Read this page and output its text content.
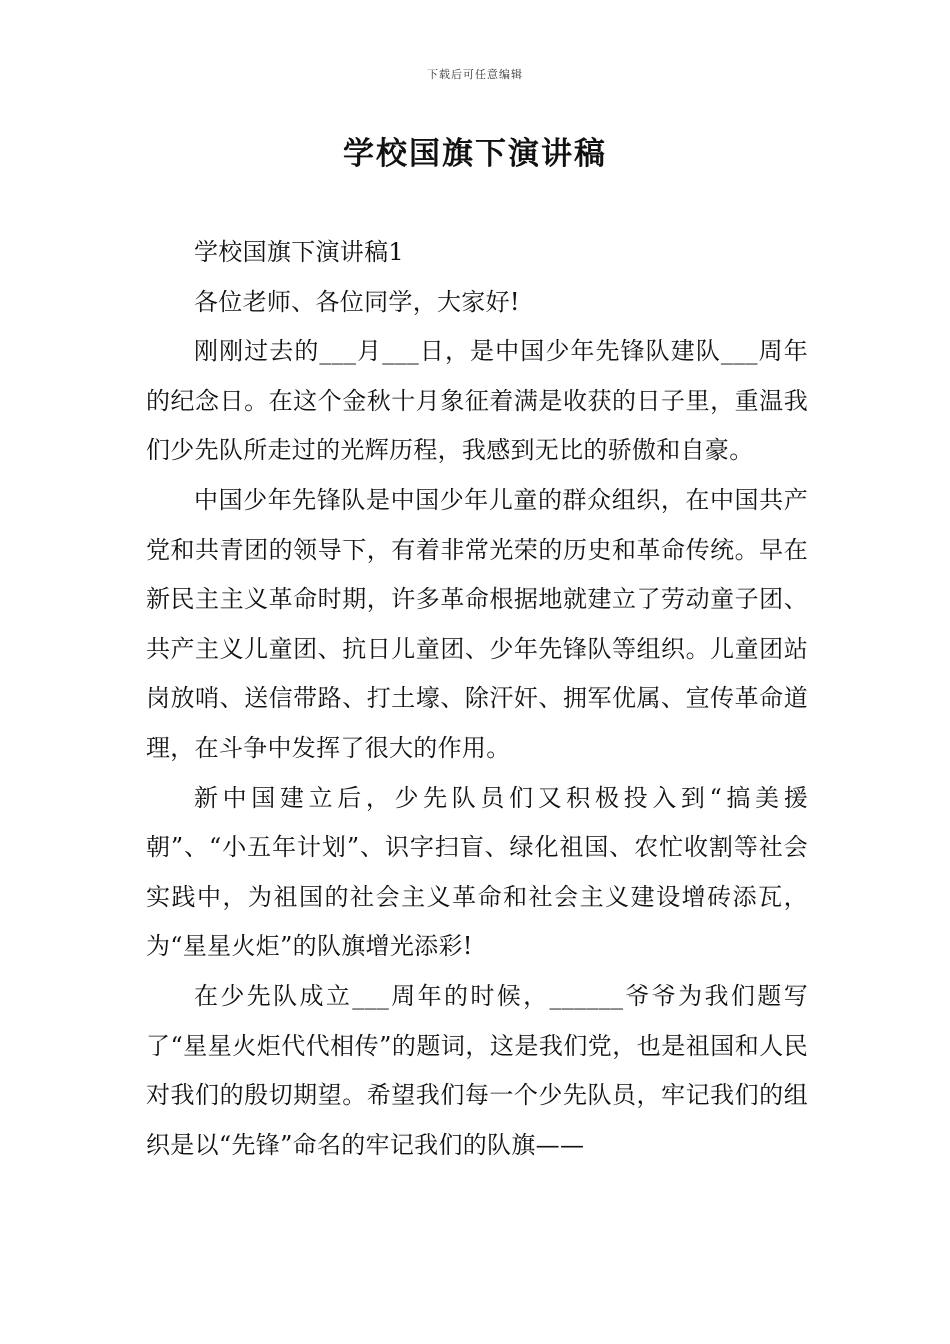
下载后可任意编辑
学校国旗下演讲稿

学校国旗下演讲稿1

各位老师、各位同学，大家好!

刚刚过去的___月___日，是中国少年先锋队建队___周年的纪念日。在这个金秋十月象征着满是收获的日子里，重温我们少先队所走过的光辉历程，我感到无比的骄傲和自豪。

中国少年先锋队是中国少年儿童的群众组织，在中国共产党和共青团的领导下，有着非常光荣的历史和革命传统。早在新民主主义革命时期，许多革命根据地就建立了劳动童子团、共产主义儿童团、抗日儿童团、少年先锋队等组织。儿童团站岗放哨、送信带路、打土壕、除汗奸、拥军优属、宣传革命道理，在斗争中发挥了很大的作用。

新中国建立后，少先队员们又积极投入到“搞美援朝”、“小五年计划”、识字扫盲、绿化祖国、农忙收割等社会实践中，为祖国的社会主义革命和社会主义建设增砖添瓦，为“星星火炬”的队旗增光添彩!

在少先队成立___周年的时候，______爷爷为我们题写了“星星火炬代代相传”的题词，这是我们党，也是祖国和人民对我们的殷切期望。希望我们每一个少先队员，牢记我们的组织是以“先锋”命名的牢记我们的队旗——
